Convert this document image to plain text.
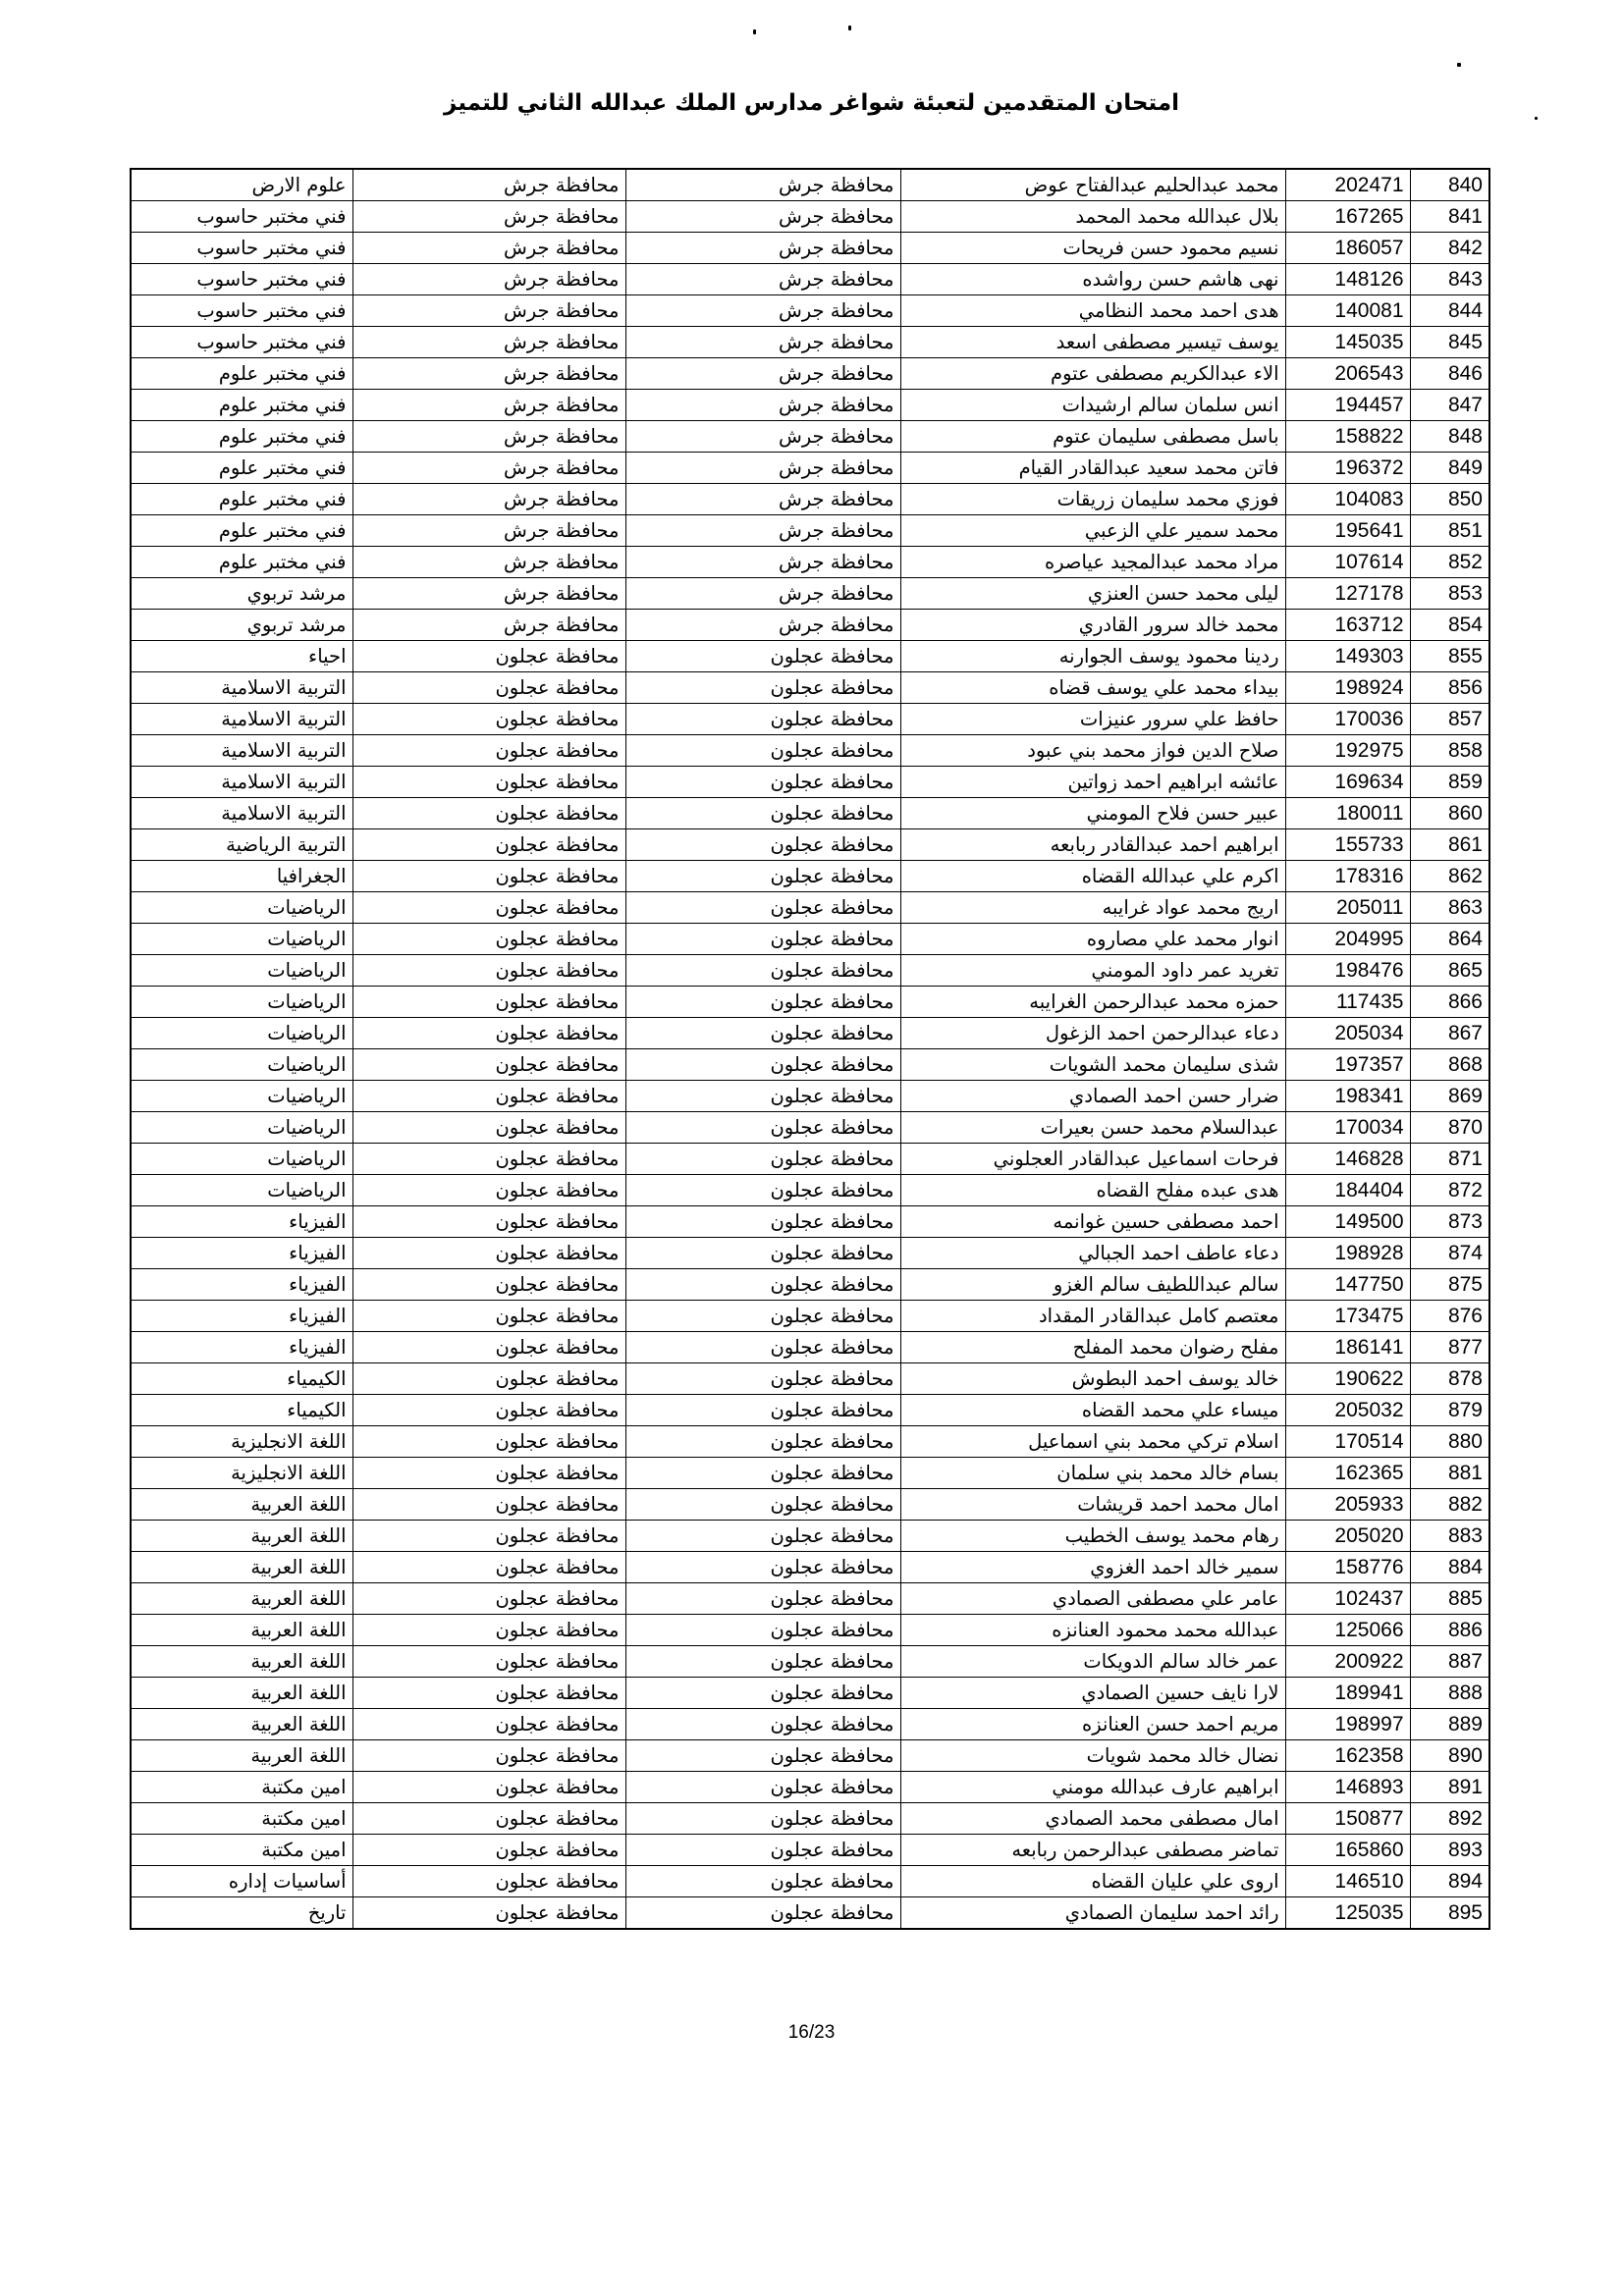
امتحان المتقدمين لتعبئة شواغر مدارس الملك عبدالله الثاني للتميز
علوم الارض	محافظة جرش	محافظة جرش	محمد عبدالحليم عبدالفتاح عوض	202471	840
فني مختبر حاسوب	محافظة جرش	محافظة جرش	بلال عبدالله محمد المحمد	167265	841
فني مختبر حاسوب	محافظة جرش	محافظة جرش	نسيم محمود حسن فريحات	186057	842
فني مختبر حاسوب	محافظة جرش	محافظة جرش	نهى هاشم حسن رواشده	148126	843
فني مختبر حاسوب	محافظة جرش	محافظة جرش	هدى احمد محمد النظامي	140081	844
فني مختبر حاسوب	محافظة جرش	محافظة جرش	يوسف تيسير مصطفى اسعد	145035	845
فني مختبر علوم	محافظة جرش	محافظة جرش	الاء عبدالكريم مصطفى عتوم	206543	846
فني مختبر علوم	محافظة جرش	محافظة جرش	انس سلمان سالم ارشيدات	194457	847
فني مختبر علوم	محافظة جرش	محافظة جرش	باسل مصطفى سليمان عتوم	158822	848
فني مختبر علوم	محافظة جرش	محافظة جرش	فاتن محمد سعيد عبدالقادر القيام	196372	849
فني مختبر علوم	محافظة جرش	محافظة جرش	فوزي محمد سليمان زريقات	104083	850
فني مختبر علوم	محافظة جرش	محافظة جرش	محمد سمير علي الزعبي	195641	851
فني مختبر علوم	محافظة جرش	محافظة جرش	مراد محمد عبدالمجيد عياصره	107614	852
مرشد تربوي	محافظة جرش	محافظة جرش	ليلى محمد حسن العنزي	127178	853
مرشد تربوي	محافظة جرش	محافظة جرش	محمد خالد سرور القادري	163712	854
احياء	محافظة عجلون	محافظة عجلون	ردينا محمود يوسف الجوارنه	149303	855
التربية الاسلامية	محافظة عجلون	محافظة عجلون	بيداء محمد علي يوسف قضاه	198924	856
التربية الاسلامية	محافظة عجلون	محافظة عجلون	حافظ علي سرور عنيزات	170036	857
التربية الاسلامية	محافظة عجلون	محافظة عجلون	صلاح الدين فواز محمد بني عبود	192975	858
التربية الاسلامية	محافظة عجلون	محافظة عجلون	عائشه ابراهيم احمد زواتين	169634	859
التربية الاسلامية	محافظة عجلون	محافظة عجلون	عبير حسن فلاح المومني	180011	860
التربية الرياضية	محافظة عجلون	محافظة عجلون	ابراهيم احمد عبدالقادر ربابعه	155733	861
الجغرافيا	محافظة عجلون	محافظة عجلون	اكرم علي عبدالله القضاه	178316	862
الرياضيات	محافظة عجلون	محافظة عجلون	اريج محمد عواد غرايبه	205011	863
الرياضيات	محافظة عجلون	محافظة عجلون	انوار محمد علي مصاروه	204995	864
الرياضيات	محافظة عجلون	محافظة عجلون	تغريد عمر داود المومني	198476	865
الرياضيات	محافظة عجلون	محافظة عجلون	حمزه محمد عبدالرحمن الغرايبه	117435	866
الرياضيات	محافظة عجلون	محافظة عجلون	دعاء عبدالرحمن احمد الزغول	205034	867
الرياضيات	محافظة عجلون	محافظة عجلون	شذى سليمان محمد الشويات	197357	868
الرياضيات	محافظة عجلون	محافظة عجلون	ضرار حسن احمد الصمادي	198341	869
الرياضيات	محافظة عجلون	محافظة عجلون	عبدالسلام محمد حسن بعيرات	170034	870
الرياضيات	محافظة عجلون	محافظة عجلون	فرحات اسماعيل عبدالقادر العجلوني	146828	871
الرياضيات	محافظة عجلون	محافظة عجلون	هدى عبده مفلح القضاه	184404	872
الفيزياء	محافظة عجلون	محافظة عجلون	احمد مصطفى حسين غوانمه	149500	873
الفيزياء	محافظة عجلون	محافظة عجلون	دعاء عاطف احمد الجبالي	198928	874
الفيزياء	محافظة عجلون	محافظة عجلون	سالم عبداللطيف سالم الغزو	147750	875
الفيزياء	محافظة عجلون	محافظة عجلون	معتصم كامل عبدالقادر المقداد	173475	876
الفيزياء	محافظة عجلون	محافظة عجلون	مفلح رضوان محمد المفلح	186141	877
الكيمياء	محافظة عجلون	محافظة عجلون	خالد يوسف احمد البطوش	190622	878
الكيمياء	محافظة عجلون	محافظة عجلون	ميساء علي محمد القضاه	205032	879
اللغة الانجليزية	محافظة عجلون	محافظة عجلون	اسلام تركي محمد بني اسماعيل	170514	880
اللغة الانجليزية	محافظة عجلون	محافظة عجلون	بسام خالد محمد بني سلمان	162365	881
اللغة العربية	محافظة عجلون	محافظة عجلون	امال محمد احمد قريشات	205933	882
اللغة العربية	محافظة عجلون	محافظة عجلون	رهام محمد يوسف الخطيب	205020	883
اللغة العربية	محافظة عجلون	محافظة عجلون	سمير خالد احمد الغزوي	158776	884
اللغة العربية	محافظة عجلون	محافظة عجلون	عامر علي مصطفى الصمادي	102437	885
اللغة العربية	محافظة عجلون	محافظة عجلون	عبدالله محمد محمود العنانزه	125066	886
اللغة العربية	محافظة عجلون	محافظة عجلون	عمر خالد سالم الدويكات	200922	887
اللغة العربية	محافظة عجلون	محافظة عجلون	لارا نايف حسين الصمادي	189941	888
اللغة العربية	محافظة عجلون	محافظة عجلون	مريم احمد حسن العنانزه	198997	889
اللغة العربية	محافظة عجلون	محافظة عجلون	نضال خالد محمد شويات	162358	890
امين مكتبة	محافظة عجلون	محافظة عجلون	ابراهيم عارف عبدالله مومني	146893	891
امين مكتبة	محافظة عجلون	محافظة عجلون	امال مصطفى محمد الصمادي	150877	892
امين مكتبة	محافظة عجلون	محافظة عجلون	تماضر مصطفى عبدالرحمن ربابعه	165860	893
أساسيات إداره	محافظة عجلون	محافظة عجلون	اروى علي عليان القضاه	146510	894
تاريخ	محافظة عجلون	محافظة عجلون	رائد احمد سليمان الصمادي	125035	895
16/23
